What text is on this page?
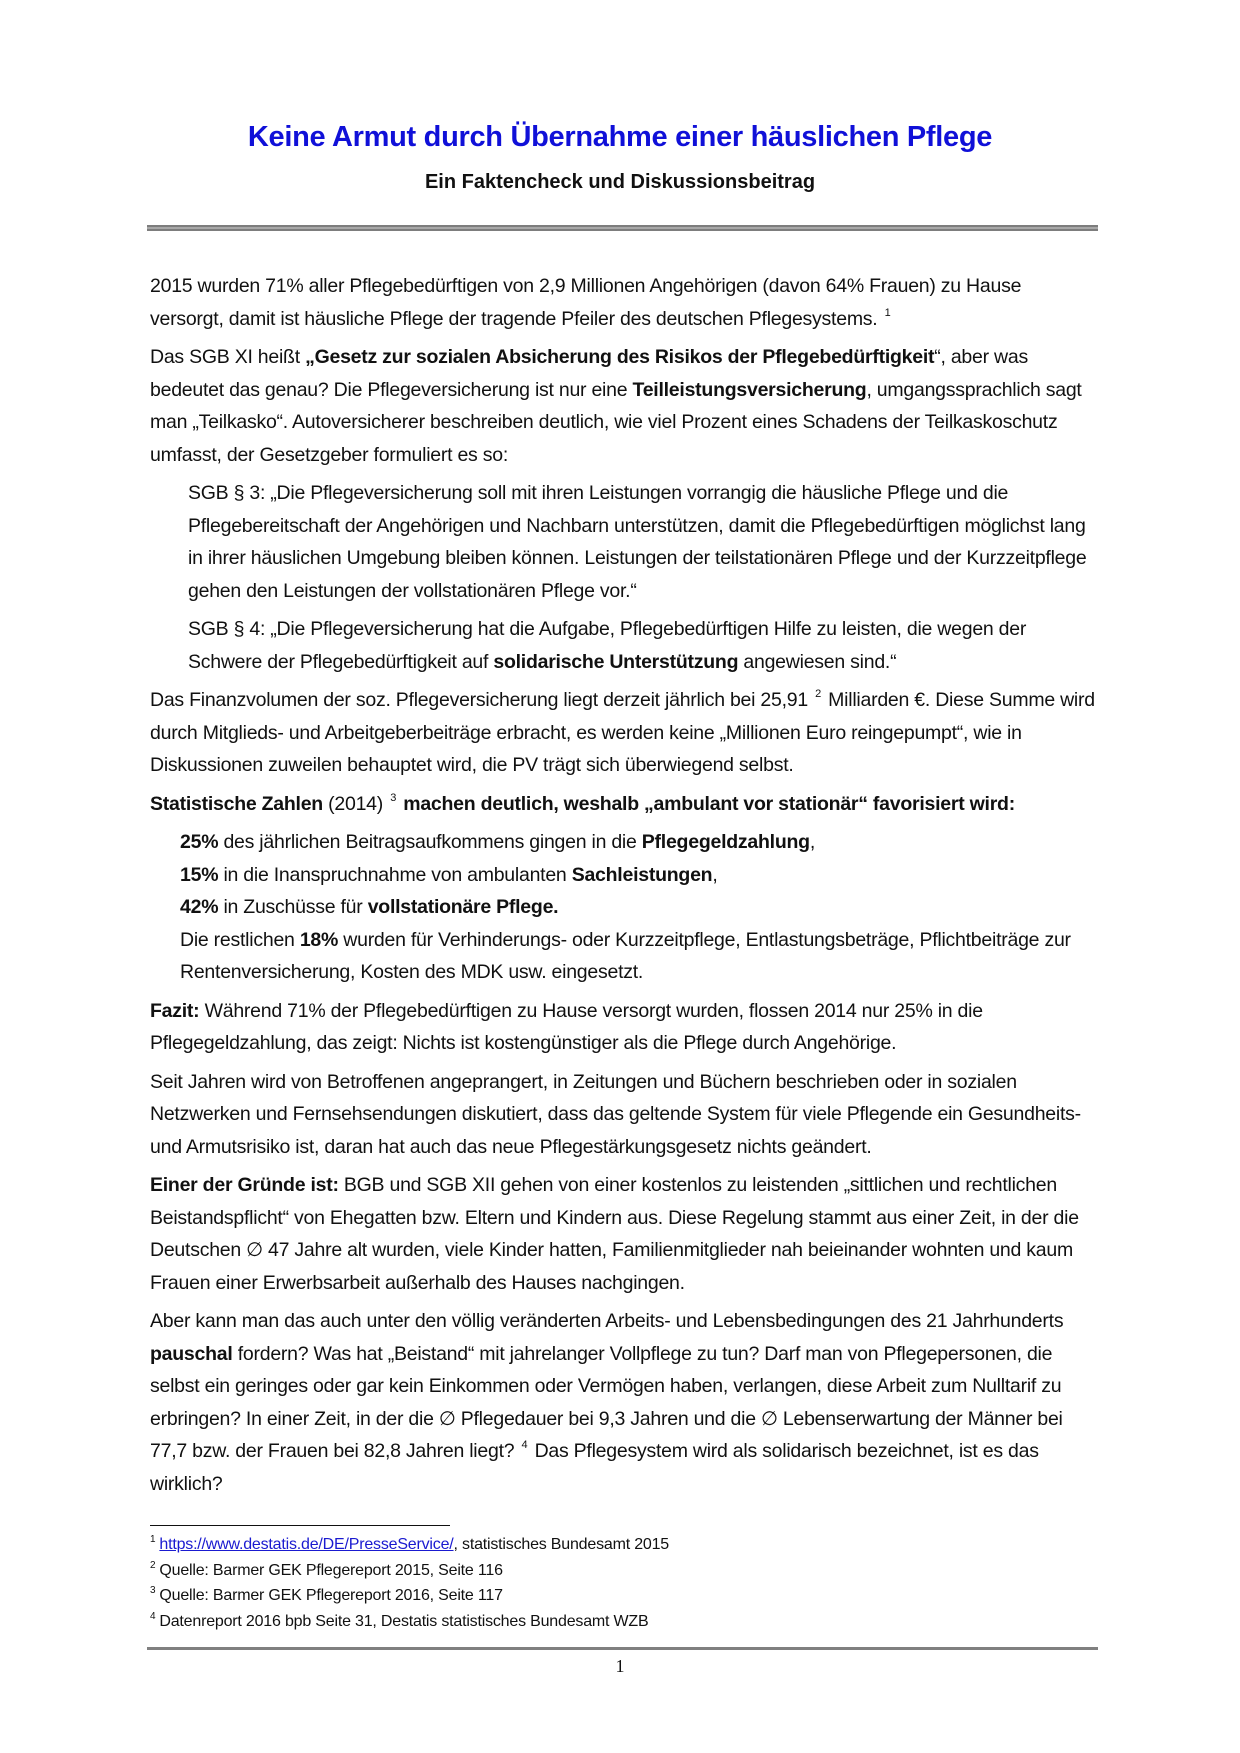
Keine Armut durch Übernahme einer häuslichen Pflege
Ein Faktencheck und Diskussionsbeitrag

2015 wurden 71% aller Pflegebedürftigen von 2,9 Millionen Angehörigen (davon 64% Frauen) zu Hause versorgt, damit ist häusliche Pflege der tragende Pfeiler des deutschen Pflegesystems. $^1$

Das SGB XI heißt „Gesetz zur sozialen Absicherung des Risikos der Pflegebedürftigkeit“, aber was bedeutet das genau? Die Pflegeversicherung ist nur eine Teilleistungsversicherung, umgangssprachlich sagt man „Teilkasko“. Autoversicherer beschreiben deutlich, wie viel Prozent eines Schadens der Teilkaskoschutz umfasst, der Gesetzgeber formuliert es so:

SGB § 3: „Die Pflegeversicherung soll mit ihren Leistungen vorrangig die häusliche Pflege und die Pflegebereitschaft der Angehörigen und Nachbarn unterstützen, damit die Pflegebedürftigen möglichst lang in ihrer häuslichen Umgebung bleiben können. Leistungen der teilstationären Pflege und der Kurzzeitpflege gehen den Leistungen der vollstationären Pflege vor.“

SGB § 4: „Die Pflegeversicherung hat die Aufgabe, Pflegebedürftigen Hilfe zu leisten, die wegen der Schwere der Pflegebedürftigkeit auf solidarische Unterstützung angewiesen sind.“

Das Finanzvolumen der soz. Pflegeversicherung liegt derzeit jährlich bei 25,91 $^2$ Milliarden €. Diese Summe wird durch Mitglieds- und Arbeitgeberbeiträge erbracht, es werden keine „Millionen Euro reingepumpt“, wie in Diskussionen zuweilen behauptet wird, die PV trägt sich überwiegend selbst.

Statistische Zahlen (2014) $^3$ machen deutlich, weshalb „ambulant vor stationär“ favorisiert wird:

25% des jährlichen Beitragsaufkommens gingen in die Pflegegeldzahlung,
15% in die Inanspruchnahme von ambulanten Sachleistungen,
42% in Zuschüsse für vollstationäre Pflege.
Die restlichen 18% wurden für Verhinderungs- oder Kurzzeitpflege, Entlastungsbeträge, Pflichtbeiträge zur Rentenversicherung, Kosten des MDK usw. eingesetzt.

Fazit: Während 71% der Pflegebedürftigen zu Hause versorgt wurden, flossen 2014 nur 25% in die Pflegegeldzahlung, das zeigt: Nichts ist kostengünstiger als die Pflege durch Angehörige.

Seit Jahren wird von Betroffenen angeprangert, in Zeitungen und Büchern beschrieben oder in sozialen Netzwerken und Fernsehsendungen diskutiert, dass das geltende System für viele Pflegende ein Gesundheits- und Armutsrisiko ist, daran hat auch das neue Pflegestärkungsgesetz nichts geändert.

Einer der Gründe ist: BGB und SGB XII gehen von einer kostenlos zu leistenden „sittlichen und rechtlichen Beistandspflicht“ von Ehegatten bzw. Eltern und Kindern aus. Diese Regelung stammt aus einer Zeit, in der die Deutschen ∅ 47 Jahre alt wurden, viele Kinder hatten, Familienmitglieder nah beieinander wohnten und kaum Frauen einer Erwerbsarbeit außerhalb des Hauses nachgingen.

Aber kann man das auch unter den völlig veränderten Arbeits- und Lebensbedingungen des 21 Jahrhunderts pauschal fordern? Was hat „Beistand“ mit jahrelanger Vollpflege zu tun? Darf man von Pflegepersonen, die selbst ein geringes oder gar kein Einkommen oder Vermögen haben, verlangen, diese Arbeit zum Nulltarif zu erbringen? In einer Zeit, in der die ∅ Pflegedauer bei 9,3 Jahren und die ∅ Lebenserwartung der Männer bei 77,7 bzw. der Frauen bei 82,8 Jahren liegt? $^4$ Das Pflegesystem wird als solidarisch bezeichnet, ist es das wirklich?

$^1$ https://www.destatis.de/DE/PresseService/, statistisches Bundesamt 2015
$^2$ Quelle: Barmer GEK Pflegereport 2015, Seite 116
$^3$ Quelle: Barmer GEK Pflegereport 2016, Seite 117
$^4$ Datenreport 2016 bpb Seite 31, Destatis statistisches Bundesamt WZB
1
